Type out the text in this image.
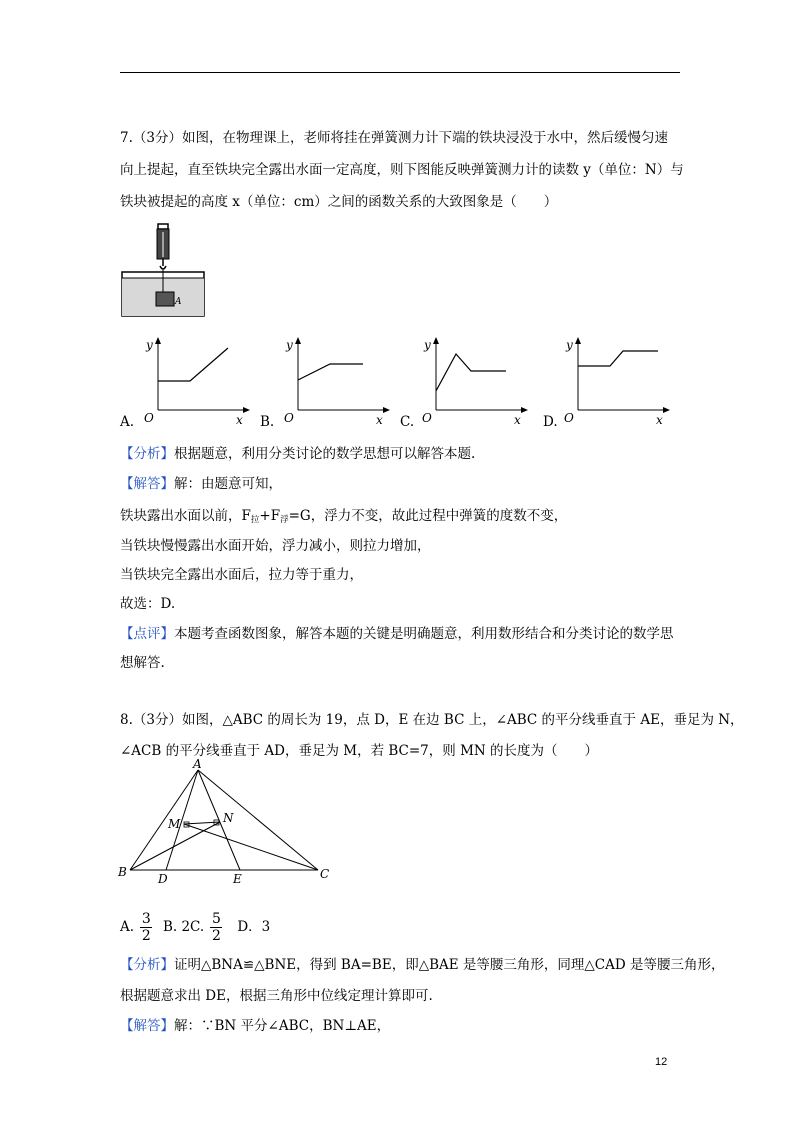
7.（3分）如图，在物理课上，老师将挂在弹簧测力计下端的铁块浸没于水中，然后缓慢匀速
向上提起，直至铁块完全露出水面一定高度，则下图能反映弹簧测力计的读数 y（单位：N）与
铁块被提起的高度 x（单位：cm）之间的函数关系的大致图象是（　　）
A
y
x
O
A.
y
x
O
B.
y
x
O
C.
y
x
O
D.
【分析】根据题意，利用分类讨论的数学思想可以解答本题.
【解答】解：由题意可知，
铁块露出水面以前，$F_拉+F_浮=G$，浮力不变，故此过程中弹簧的度数不变，
当铁块慢慢露出水面开始，浮力减小，则拉力增加，
当铁块完全露出水面后，拉力等于重力，
故选：D.
【点评】本题考查函数图象，解答本题的关键是明确题意，利用数形结合和分类讨论的数学思
想解答.
8.（3分）如图，△ABC 的周长为 19，点 D，E 在边 BC 上，∠ABC 的平分线垂直于 AE，垂足为 N，
∠ACB 的平分线垂直于 AD，垂足为 M，若 BC=7，则 MN 的长度为（　　）
A
B	C
D	E
M	N
A. $\frac{3}{2} B$. 2C. $\frac{5}{2}$ D．3
【分析】证明△BNA≌△BNE，得到 BA=BE，即△BAE 是等腰三角形，同理△CAD 是等腰三角形，
根据题意求出 DE，根据三角形中位线定理计算即可.
【解答】解：∵BN 平分∠ABC，BN⊥AE，
12
